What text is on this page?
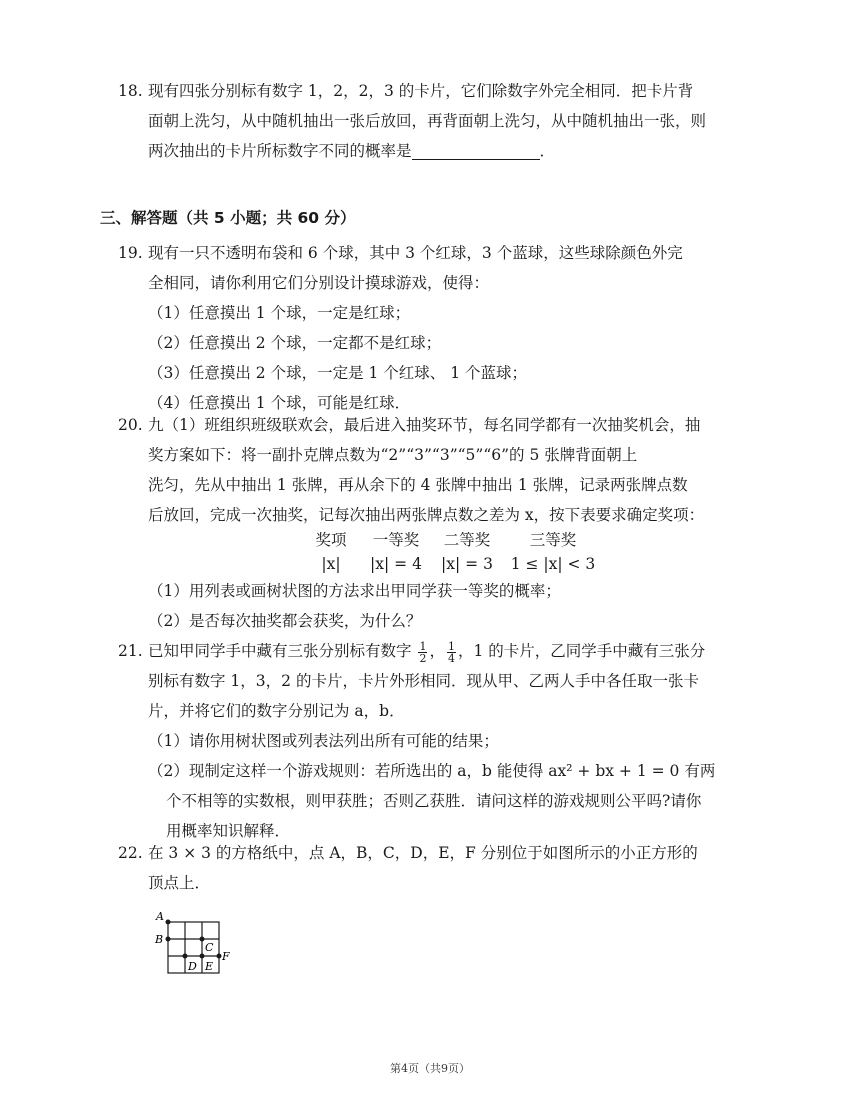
18. 现有四张分别标有数字 1，2，2，3 的卡片，它们除数字外完全相同．把卡片背
面朝上洗匀，从中随机抽出一张后放回，再背面朝上洗匀，从中随机抽出一张，则
两次抽出的卡片所标数字不同的概率是	．
三、解答题（共 5 小题；共 60 分）
19. 现有一只不透明布袋和 6 个球，其中 3 个红球，3 个蓝球，这些球除颜色外完
全相同，请你利用它们分别设计摸球游戏，使得：
（1）任意摸出 1 个球，一定是红球；
（2）任意摸出 2 个球，一定都不是红球；
（3）任意摸出 2 个球，一定是 1 个红球、 1 个蓝球；
（4）任意摸出 1 个球，可能是红球．
20. 九（1）班组织班级联欢会，最后进入抽奖环节，每名同学都有一次抽奖机会，抽
奖方案如下：将一副扑克牌点数为“2”“3”“3”“5”“6”的 5 张牌背面朝上
洗匀，先从中抽出 1 张牌，再从余下的 4 张牌中抽出 1 张牌，记录两张牌点数
后放回，完成一次抽奖，记每次抽出两张牌点数之差为 x，按下表要求确定奖项：
奖项	一等奖	二等奖	三等奖
|x|	|x| = 4	|x| = 3	1 ≤ |x| < 3
（1）用列表或画树状图的方法求出甲同学获一等奖的概率；
（2）是否每次抽奖都会获奖，为什么？
21. 已知甲同学手中藏有三张分别标有数字 $\frac{1}{2}$ ， $\frac{1}{4}$ ，1 的卡片，乙同学手中藏有三张分
别标有数字 1，3，2 的卡片，卡片外形相同．现从甲、乙两人手中各任取一张卡
片，并将它们的数字分别记为 a，b．
（1）请你用树状图或列表法列出所有可能的结果；
（2）现制定这样一个游戏规则：若所选出的 a，b 能使得 ax² + bx + 1 = 0 有两
个不相等的实数根，则甲获胜；否则乙获胜．请问这样的游戏规则公平吗?请你
用概率知识解释．
22. 在 3 × 3 的方格纸中，点 A，B，C，D，E，F 分别位于如图所示的小正方形的
顶点上．
A
B
C
D E
F
第4页（共9页）
